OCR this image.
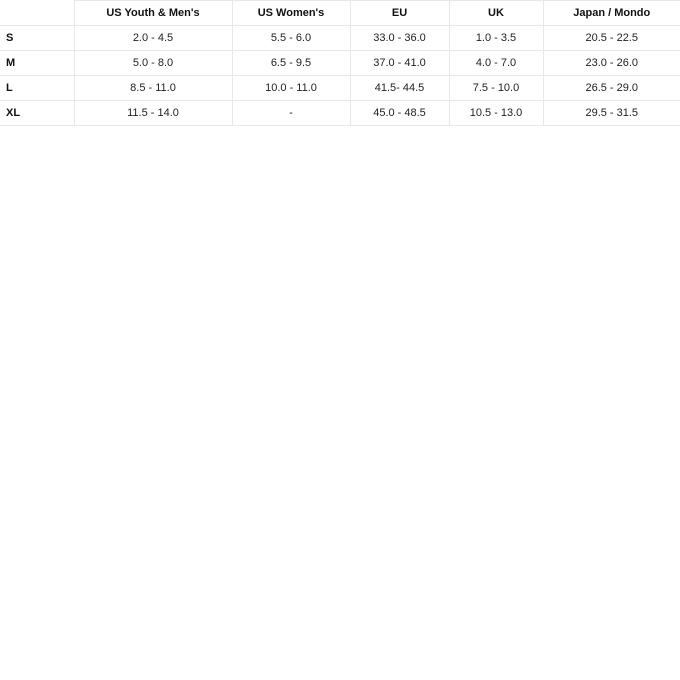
	US Youth & Men's	US Women's	EU	UK	Japan / Mondo
S	2.0 - 4.5	5.5 - 6.0	33.0 - 36.0	1.0 - 3.5	20.5 - 22.5
M	5.0 - 8.0	6.5 - 9.5	37.0 - 41.0	4.0 - 7.0	23.0 - 26.0
L	8.5 - 11.0	10.0 - 11.0	41.5- 44.5	7.5 - 10.0	26.5 - 29.0
XL	11.5 - 14.0	-	45.0 - 48.5	10.5 - 13.0	29.5 - 31.5
